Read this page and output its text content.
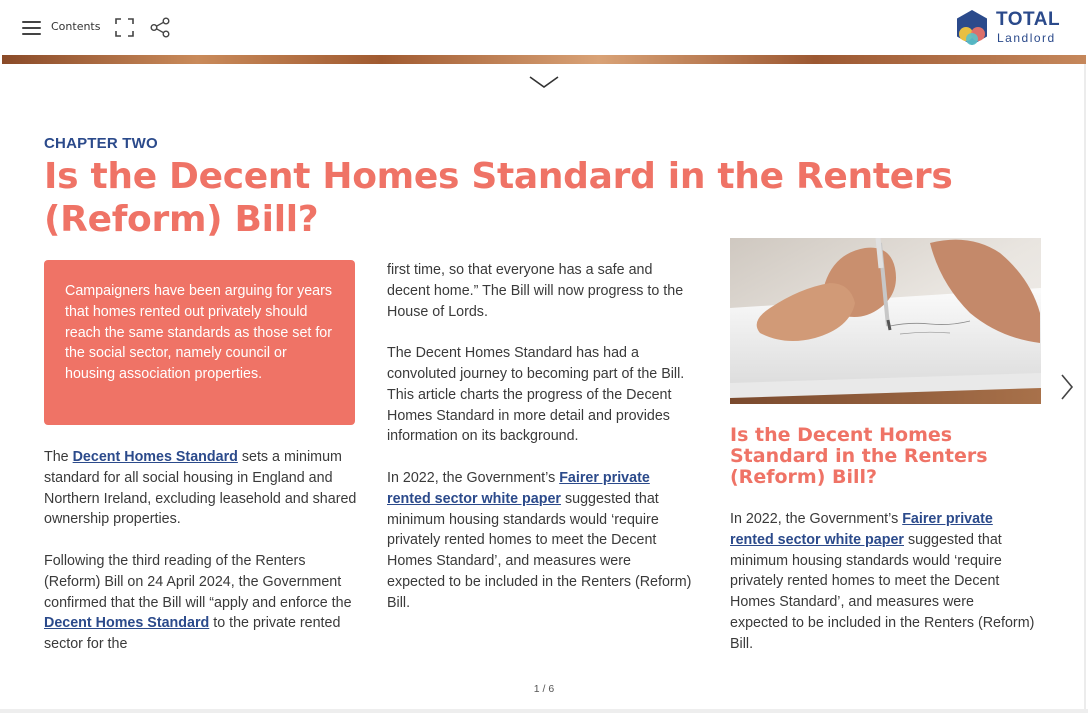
Contents	TOTAL
Landlord
CHAPTER TWO
Is the Decent Homes Standard in the Renters (Reform) Bill?
Campaigners have been arguing for years that homes rented out privately should reach the same standards as those set for the social sector, namely council or housing association properties.

The Decent Homes Standard sets a minimum standard for all social housing in England and Northern Ireland, excluding leasehold and shared ownership properties.

Following the third reading of the Renters (Reform) Bill on 24 April 2024, the Government confirmed that the Bill will “apply and enforce the Decent Homes Standard to the private rented sector for the

first time, so that everyone has a safe and decent home.” The Bill will now progress to the House of Lords.

The Decent Homes Standard has had a convoluted journey to becoming part of the Bill. This article charts the progress of the Decent Homes Standard in more detail and provides information on its background.

In 2022, the Government’s Fairer private rented sector white paper suggested that minimum housing standards would ‘require privately rented homes to meet the Decent Homes Standard’, and measures were expected to be included in the Renters (Reform) Bill.

Is the Decent Homes Standard in the Renters (Reform) Bill?

In 2022, the Government’s Fairer private rented sector white paper suggested that minimum housing standards would ‘require privately rented homes to meet the Decent Homes Standard’, and measures were expected to be included in the Renters (Reform) Bill.

1 / 6
